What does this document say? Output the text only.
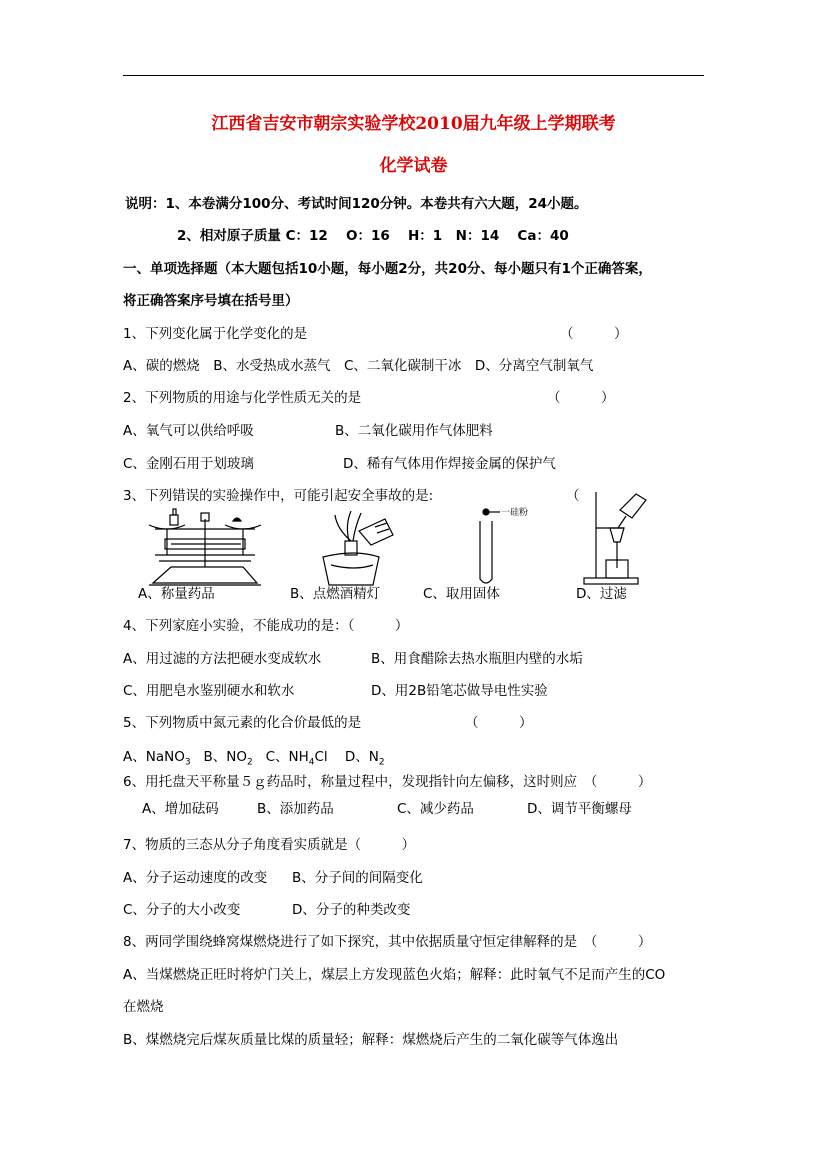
江西省吉安市朝宗实验学校2010届九年级上学期联考
化学试卷
说明：1、本卷满分100分、考试时间120分钟。本卷共有六大题，24小题。
2、相对原子质量 C：12　 O：16　 H：1　N：14　 Ca：40
一、单项选择题（本大题包括10小题，每小题2分，共20分、每小题只有1个正确答案，
将正确答案序号填在括号里）
1、下列变化属于化学变化的是	（　　　）
A、碳的燃烧　B、水受热成水蒸气　C、二氧化碳制干冰　D、分离空气制氧气
2、下列物质的用途与化学性质无关的是	（　　　）
A、氧气可以供给呼吸	B、二氧化碳用作气体肥料
C、金刚石用于划玻璃	D、稀有气体用作焊接金属的保护气
3、下列错误的实验操作中，可能引起安全事故的是:	（
一硅粉
A、称量药品	B、点燃酒精灯	C、取用固体	D、过滤
4、下列家庭小实验，不能成功的是：（　　　）
A、用过滤的方法把硬水变成软水	B、用食醋除去热水瓶胆内壁的水垢
C、用肥皂水鉴别硬水和软水	D、用2B铅笔芯做导电性实验
5、下列物质中氮元素的化合价最低的是	（　　　）
A、NaNO$_3$ B、$NO_2$ C、$NH_4Cl$ D、$N_2$
6、用托盘天平称量５ｇ药品时，称量过程中，发现指针向左偏移，这时则应　（　　　）
A、增加砝码	B、添加药品	C、减少药品	D、调节平衡螺母
7、物质的三态从分子角度看实质就是（　　　）
A、分子运动速度的改变 B、分子间的间隔变化
C、分子的大小改变	D、分子的种类改变
8、两同学围绕蜂窝煤燃烧进行了如下探究，其中依据质量守恒定律解释的是　（　　　）
A、当煤燃烧正旺时将炉门关上，煤层上方发现蓝色火焰；解释：此时氧气不足而产生的CO
在燃烧
B、煤燃烧完后煤灰质量比煤的质量轻；解释：煤燃烧后产生的二氧化碳等气体逸出
